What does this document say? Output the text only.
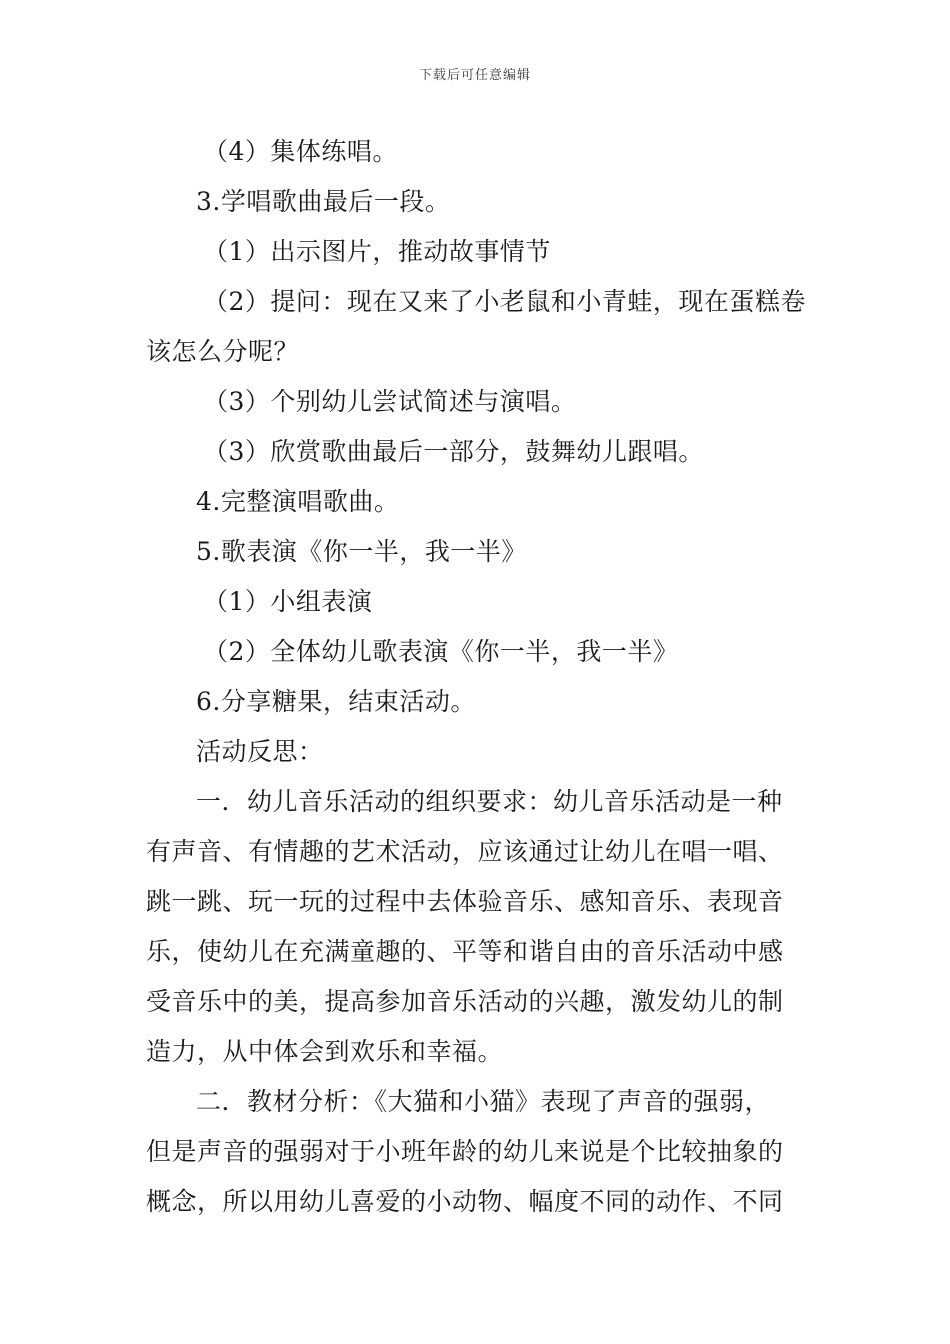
下载后可任意编辑
（4）集体练唱。
3.学唱歌曲最后一段。
（1）出示图片，推动故事情节
（2）提问：现在又来了小老鼠和小青蛙，现在蛋糕卷
该怎么分呢？
（3）个别幼儿尝试简述与演唱。
（3）欣赏歌曲最后一部分，鼓舞幼儿跟唱。
4.完整演唱歌曲。
5.歌表演《你一半，我一半》
（1）小组表演
（2）全体幼儿歌表演《你一半，我一半》
6.分享糖果，结束活动。
活动反思：
一．幼儿音乐活动的组织要求：幼儿音乐活动是一种
有声音、有情趣的艺术活动，应该通过让幼儿在唱一唱、
跳一跳、玩一玩的过程中去体验音乐、感知音乐、表现音
乐，使幼儿在充满童趣的、平等和谐自由的音乐活动中感
受音乐中的美，提高参加音乐活动的兴趣，激发幼儿的制
造力，从中体会到欢乐和幸福。
二．教材分析：《大猫和小猫》表现了声音的强弱，
但是声音的强弱对于小班年龄的幼儿来说是个比较抽象的
概念，所以用幼儿喜爱的小动物、幅度不同的动作、不同
